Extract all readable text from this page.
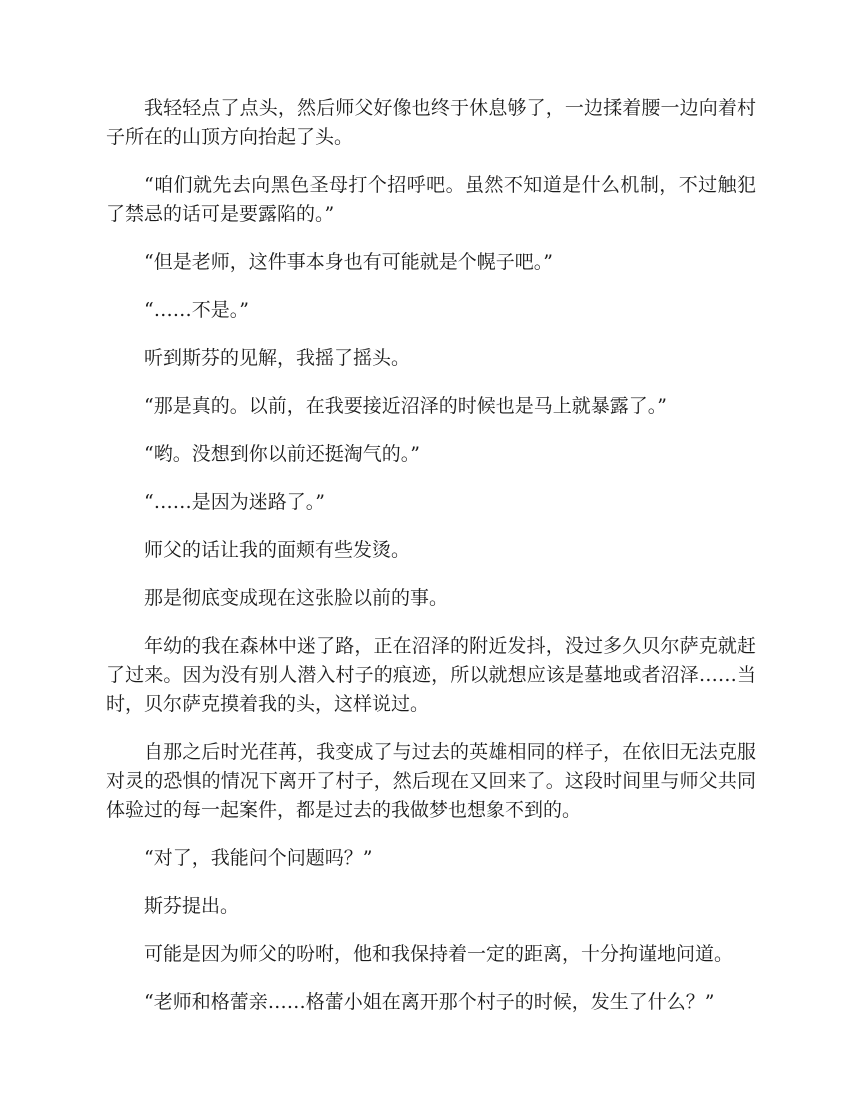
我轻轻点了点头，然后师父好像也终于休息够了，一边揉着腰一边向着村子所在的山顶方向抬起了头。

“咱们就先去向黑色圣母打个招呼吧。虽然不知道是什么机制，不过触犯了禁忌的话可是要露陷的。”

“但是老师，这件事本身也有可能就是个幌子吧。”

“……不是。”

听到斯芬的见解，我摇了摇头。

“那是真的。以前，在我要接近沼泽的时候也是马上就暴露了。”

“哟。没想到你以前还挺淘气的。”

“……是因为迷路了。”

师父的话让我的面颊有些发烫。

那是彻底变成现在这张脸以前的事。

年幼的我在森林中迷了路，正在沼泽的附近发抖，没过多久贝尔萨克就赶了过来。因为没有别人潜入村子的痕迹，所以就想应该是墓地或者沼泽……当时，贝尔萨克摸着我的头，这样说过。

自那之后时光荏苒，我变成了与过去的英雄相同的样子，在依旧无法克服对灵的恐惧的情况下离开了村子，然后现在又回来了。这段时间里与师父共同体验过的每一起案件，都是过去的我做梦也想象不到的。

“对了，我能问个问题吗？”

斯芬提出。

可能是因为师父的吩咐，他和我保持着一定的距离，十分拘谨地问道。

“老师和格蕾亲……格蕾小姐在离开那个村子的时候，发生了什么？”
